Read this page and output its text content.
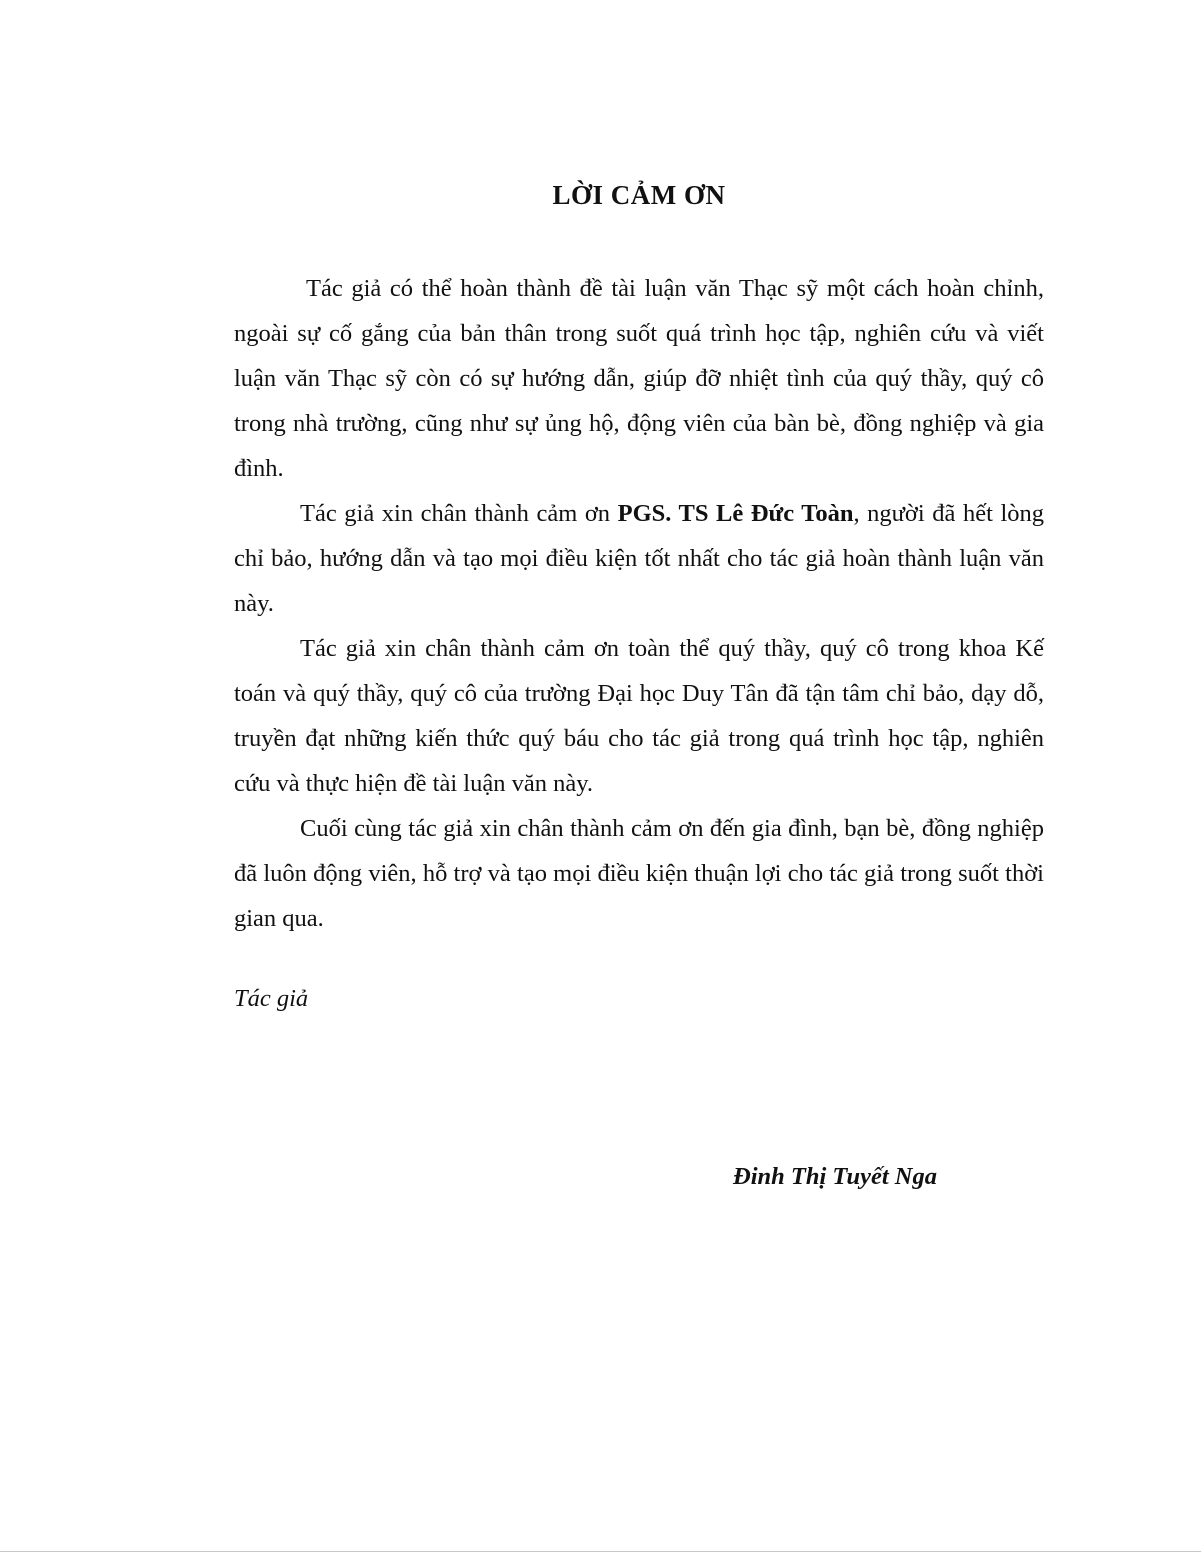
LỜI CẢM ƠN

Tác giả có thể hoàn thành đề tài luận văn Thạc sỹ một cách hoàn chỉnh, ngoài sự cố gắng của bản thân trong suốt quá trình học tập, nghiên cứu và viết luận văn Thạc sỹ còn có sự hướng dẫn, giúp đỡ nhiệt tình của quý thầy, quý cô trong nhà trường, cũng như sự ủng hộ, động viên của bàn bè, đồng nghiệp và gia đình.

Tác giả xin chân thành cảm ơn PGS. TS Lê Đức Toàn, người đã hết lòng chỉ bảo, hướng dẫn và tạo mọi điều kiện tốt nhất cho tác giả hoàn thành luận văn này.

Tác giả xin chân thành cảm ơn toàn thể quý thầy, quý cô trong khoa Kế toán và quý thầy, quý cô của trường Đại học Duy Tân đã tận tâm chỉ bảo, dạy dỗ, truyền đạt những kiến thức quý báu cho tác giả trong quá trình học tập, nghiên cứu và thực hiện đề tài luận văn này.

Cuối cùng tác giả xin chân thành cảm ơn đến gia đình, bạn bè, đồng nghiệp đã luôn động viên, hỗ trợ và tạo mọi điều kiện thuận lợi cho tác giả trong suốt thời gian qua.

Tác giả
Đinh Thị Tuyết Nga
